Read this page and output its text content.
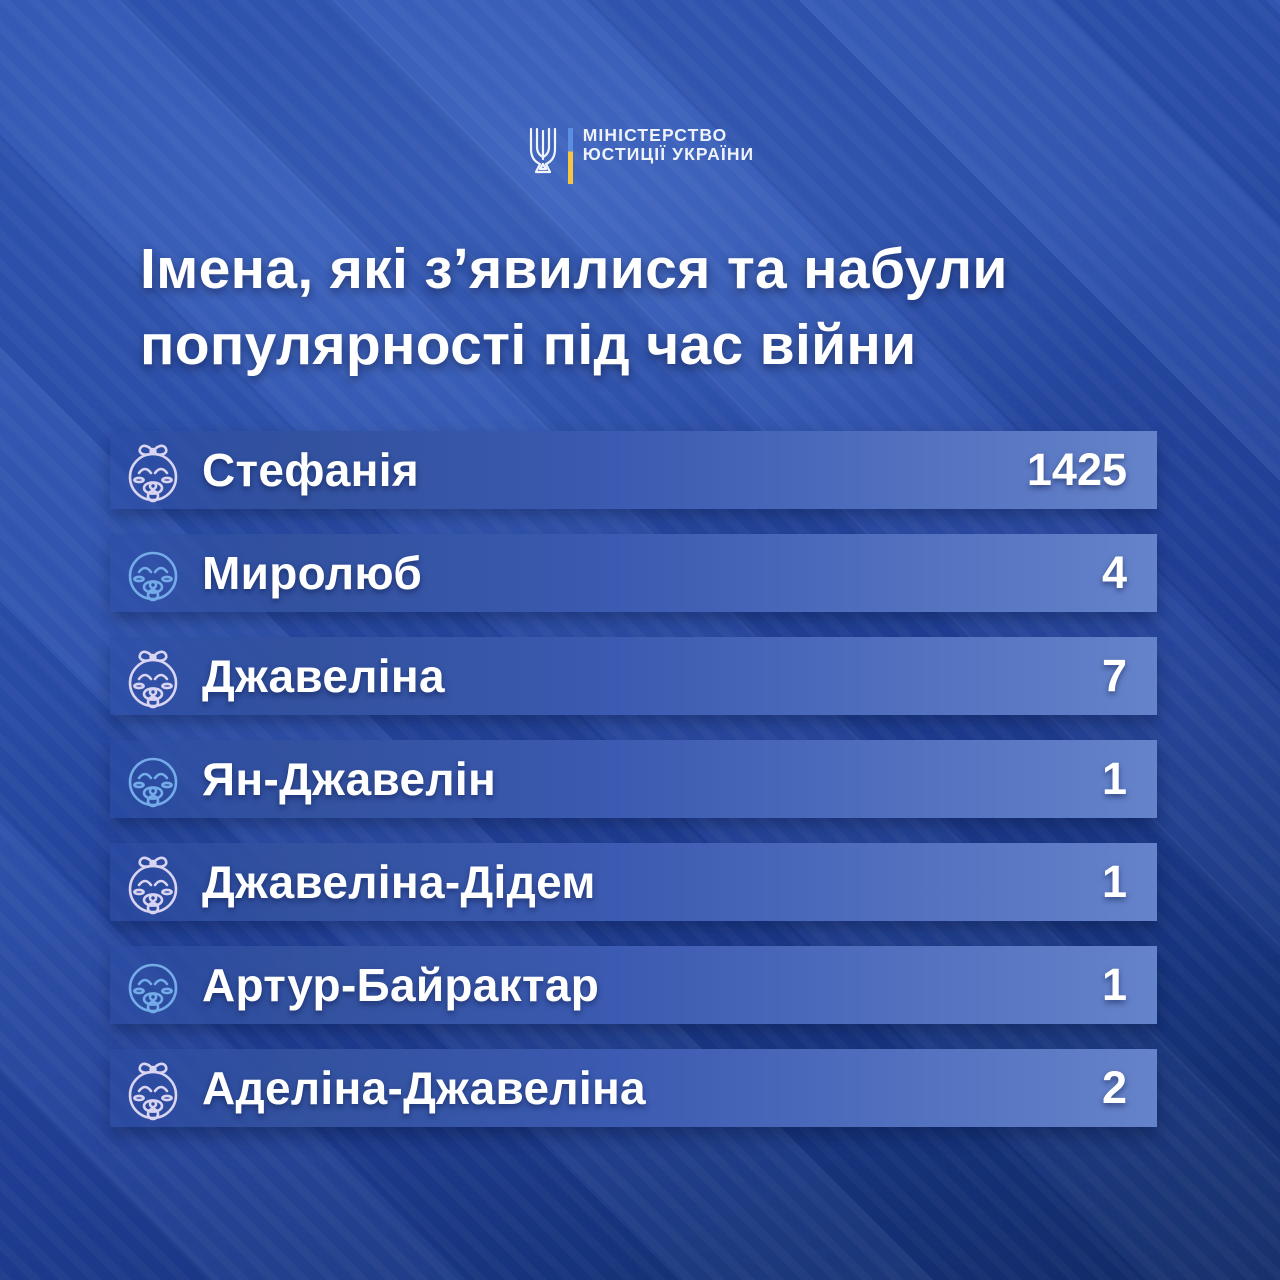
МІНІСТЕРСТВО
ЮСТИЦІЇ УКРАЇНИ
Імена, які з’явилися та набули
популярності під час війни
Стефанія	1425
Миролюб	4
Джавеліна	7
Ян-Джавелін	1
Джавеліна-Дідем	1
Артур-Байрактар	1
Аделіна-Джавеліна	2
